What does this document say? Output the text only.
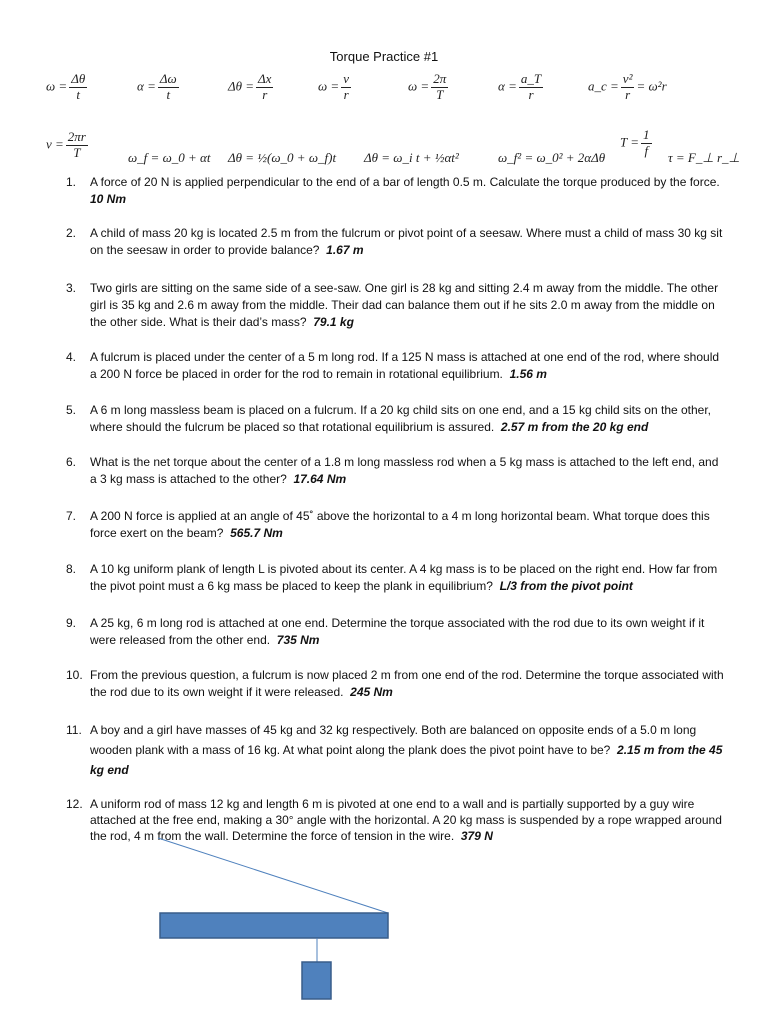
Torque Practice #1
$\omega = \frac{\Delta\theta}{t}$	$\alpha = \frac{\Delta\omega}{t}$	$\Delta\theta = \frac{\Delta x}{r}$	$\omega = \frac{v}{r}$	$\omega = \frac{2\pi}{T}$	$\alpha = \frac{a\_T}{r}$	a_c = $\frac{\text{v²}}{r} = \omega^2r$
$v = \frac{2\pi r}{T}$	ω_f = ω_0 + αt Δθ = ½(ω_0 + ω_f)t Δθ = ω_i t + ½αt²	ω_f² = ω_0² + 2αΔθ
$T = \frac{1}{f}$ τ = F_⊥ r_⊥
1.	A force of 20 N is applied perpendicular to the end of a bar of length 0.5 m. Calculate the torque produced by the force.  10 Nm
2.	A child of mass 20 kg is located 2.5 m from the fulcrum or pivot point of a seesaw. Where must a child of mass 30 kg sit on the seesaw in order to provide balance? 1.67 m
3.	Two girls are sitting on the same side of a see-saw. One girl is 28 kg and sitting 2.4 m away from the middle. The other girl is 35 kg and 2.6 m away from the middle. Their dad can balance them out if he sits 2.0 m away from the middle on the other side. What is their dad’s mass? 79.1 kg
4.	A fulcrum is placed under the center of a 5 m long rod. If a 125 N mass is attached at one end of the rod, where should a 200 N force be placed in order for the rod to remain in rotational equilibrium. 1.56 m
5.	A 6 m long massless beam is placed on a fulcrum. If a 20 kg child sits on one end, and a 15 kg child sits on the other, where should the fulcrum be placed so that rotational equilibrium is assured. 2.57 m from the 20 kg end
6.	What is the net torque about the center of a 1.8 m long massless rod when a 5 kg mass is attached to the left end, and a 3 kg mass is attached to the other? 17.64 Nm
7.	A 200 N force is applied at an angle of 45˚ above the horizontal to a 4 m long horizontal beam. What torque does this force exert on the beam? 565.7 Nm
8.	A 10 kg uniform plank of length L is pivoted about its center. A 4 kg mass is to be placed on the right end. How far from the pivot point must a 6 kg mass be placed to keep the plank in equilibrium? L/3 from the pivot point
9.	A 25 kg, 6 m long rod is attached at one end. Determine the torque associated with the rod due to its own weight if it were released from the other end. 735 Nm
10. From the previous question, a fulcrum is now placed 2 m from one end of the rod. Determine the torque associated with the rod due to its own weight if it were released. 245 Nm
11. A boy and a girl have masses of 45 kg and 32 kg respectively. Both are balanced on opposite ends of a 5.0 m long wooden plank with a mass of 16 kg. At what point along the plank does the pivot point have to be? 2.15 m from the 45 kg end
12. A uniform rod of mass 12 kg and length 6 m is pivoted at one end to a wall and is partially supported by a guy wire attached at the free end, making a 30° angle with the horizontal. A 20 kg mass is suspended by a rope wrapped around the rod, 4 m from the wall. Determine the force of tension in the wire. 379 N
